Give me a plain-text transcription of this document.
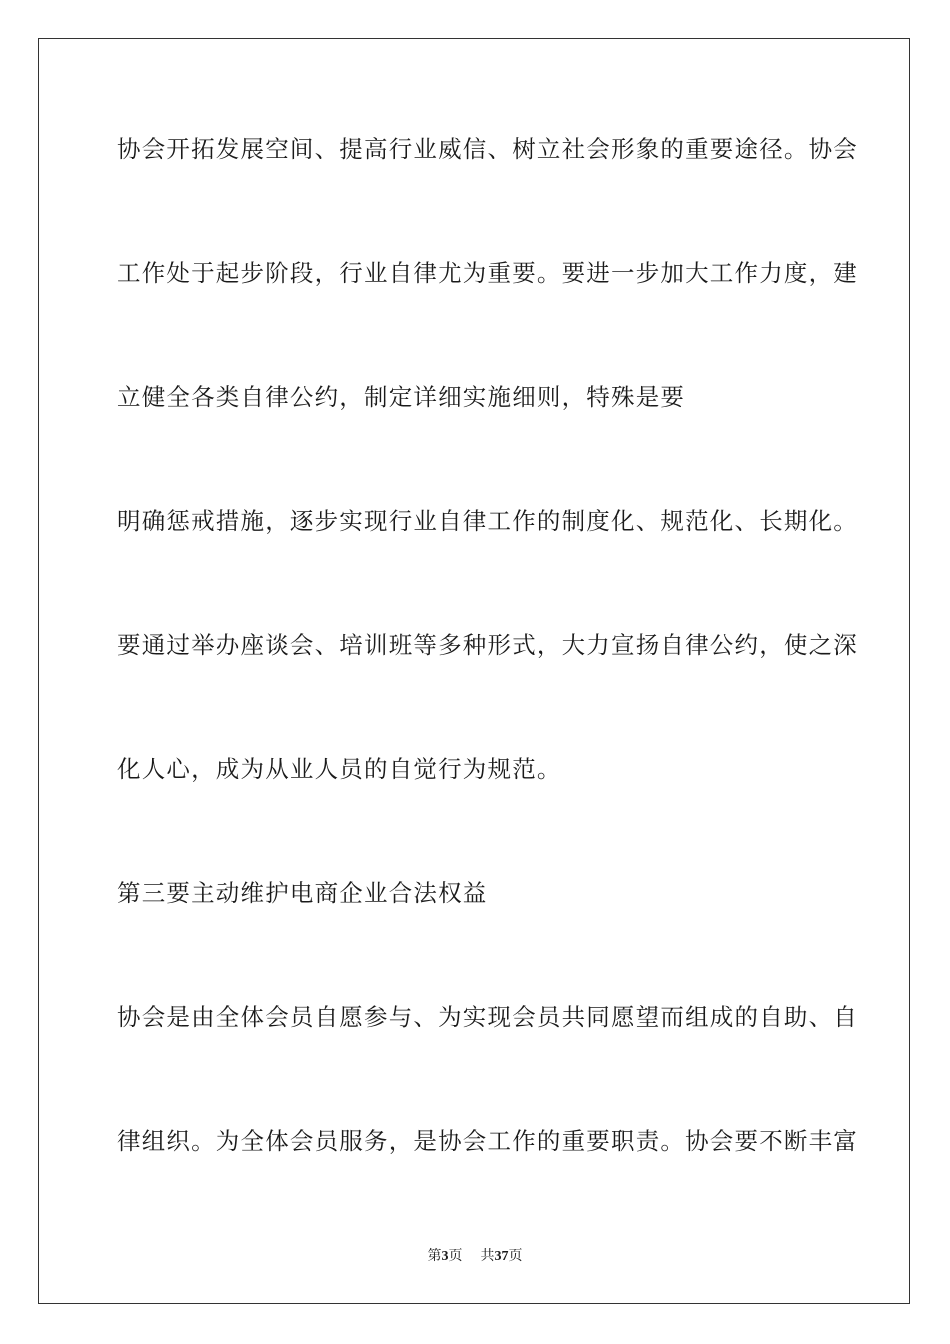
协会开拓发展空间、提高行业威信、树立社会形象的重要途径。协会

工作处于起步阶段，行业自律尤为重要。要进一步加大工作力度，建

立健全各类自律公约，制定详细实施细则，特殊是要

明确惩戒措施，逐步实现行业自律工作的制度化、规范化、长期化。

要通过举办座谈会、培训班等多种形式，大力宣扬自律公约，使之深

化人心，成为从业人员的自觉行为规范。

第三要主动维护电商企业合法权益

协会是由全体会员自愿参与、为实现会员共同愿望而组成的自助、自

律组织。为全体会员服务，是协会工作的重要职责。协会要不断丰富

第3页 共37页
